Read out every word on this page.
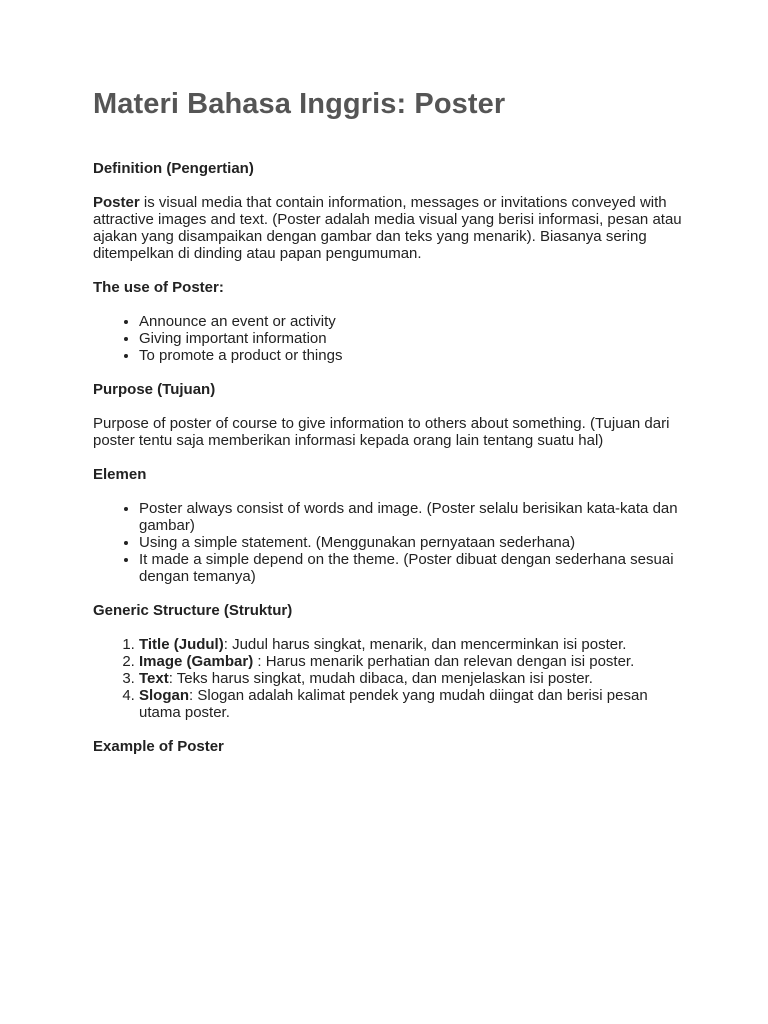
Materi Bahasa Inggris: Poster
Definition (Pengertian)

Poster is visual media that contain information, messages or invitations conveyed with attractive images and text. (Poster adalah media visual yang berisi informasi, pesan atau ajakan yang disampaikan dengan gambar dan teks yang menarik). Biasanya sering ditempelkan di dinding atau papan pengumuman.

The use of Poster:
• Announce an event or activity
• Giving important information
• To promote a product or things
Purpose (Tujuan)

Purpose of poster of course to give information to others about something. (Tujuan dari poster tentu saja memberikan informasi kepada orang lain tentang suatu hal)

Elemen
• Poster always consist of words and image. (Poster selalu berisikan kata-kata dan gambar)
• Using a simple statement. (Menggunakan pernyataan sederhana)
• It made a simple depend on the theme. (Poster dibuat dengan sederhana sesuai dengan temanya)
Generic Structure (Struktur)
1. Title (Judul): Judul harus singkat, menarik, dan mencerminkan isi poster.
2. Image (Gambar) : Harus menarik perhatian dan relevan dengan isi poster.
3. Text: Teks harus singkat, mudah dibaca, dan menjelaskan isi poster.
4. Slogan: Slogan adalah kalimat pendek yang mudah diingat dan berisi pesan utama poster.
Example of Poster
